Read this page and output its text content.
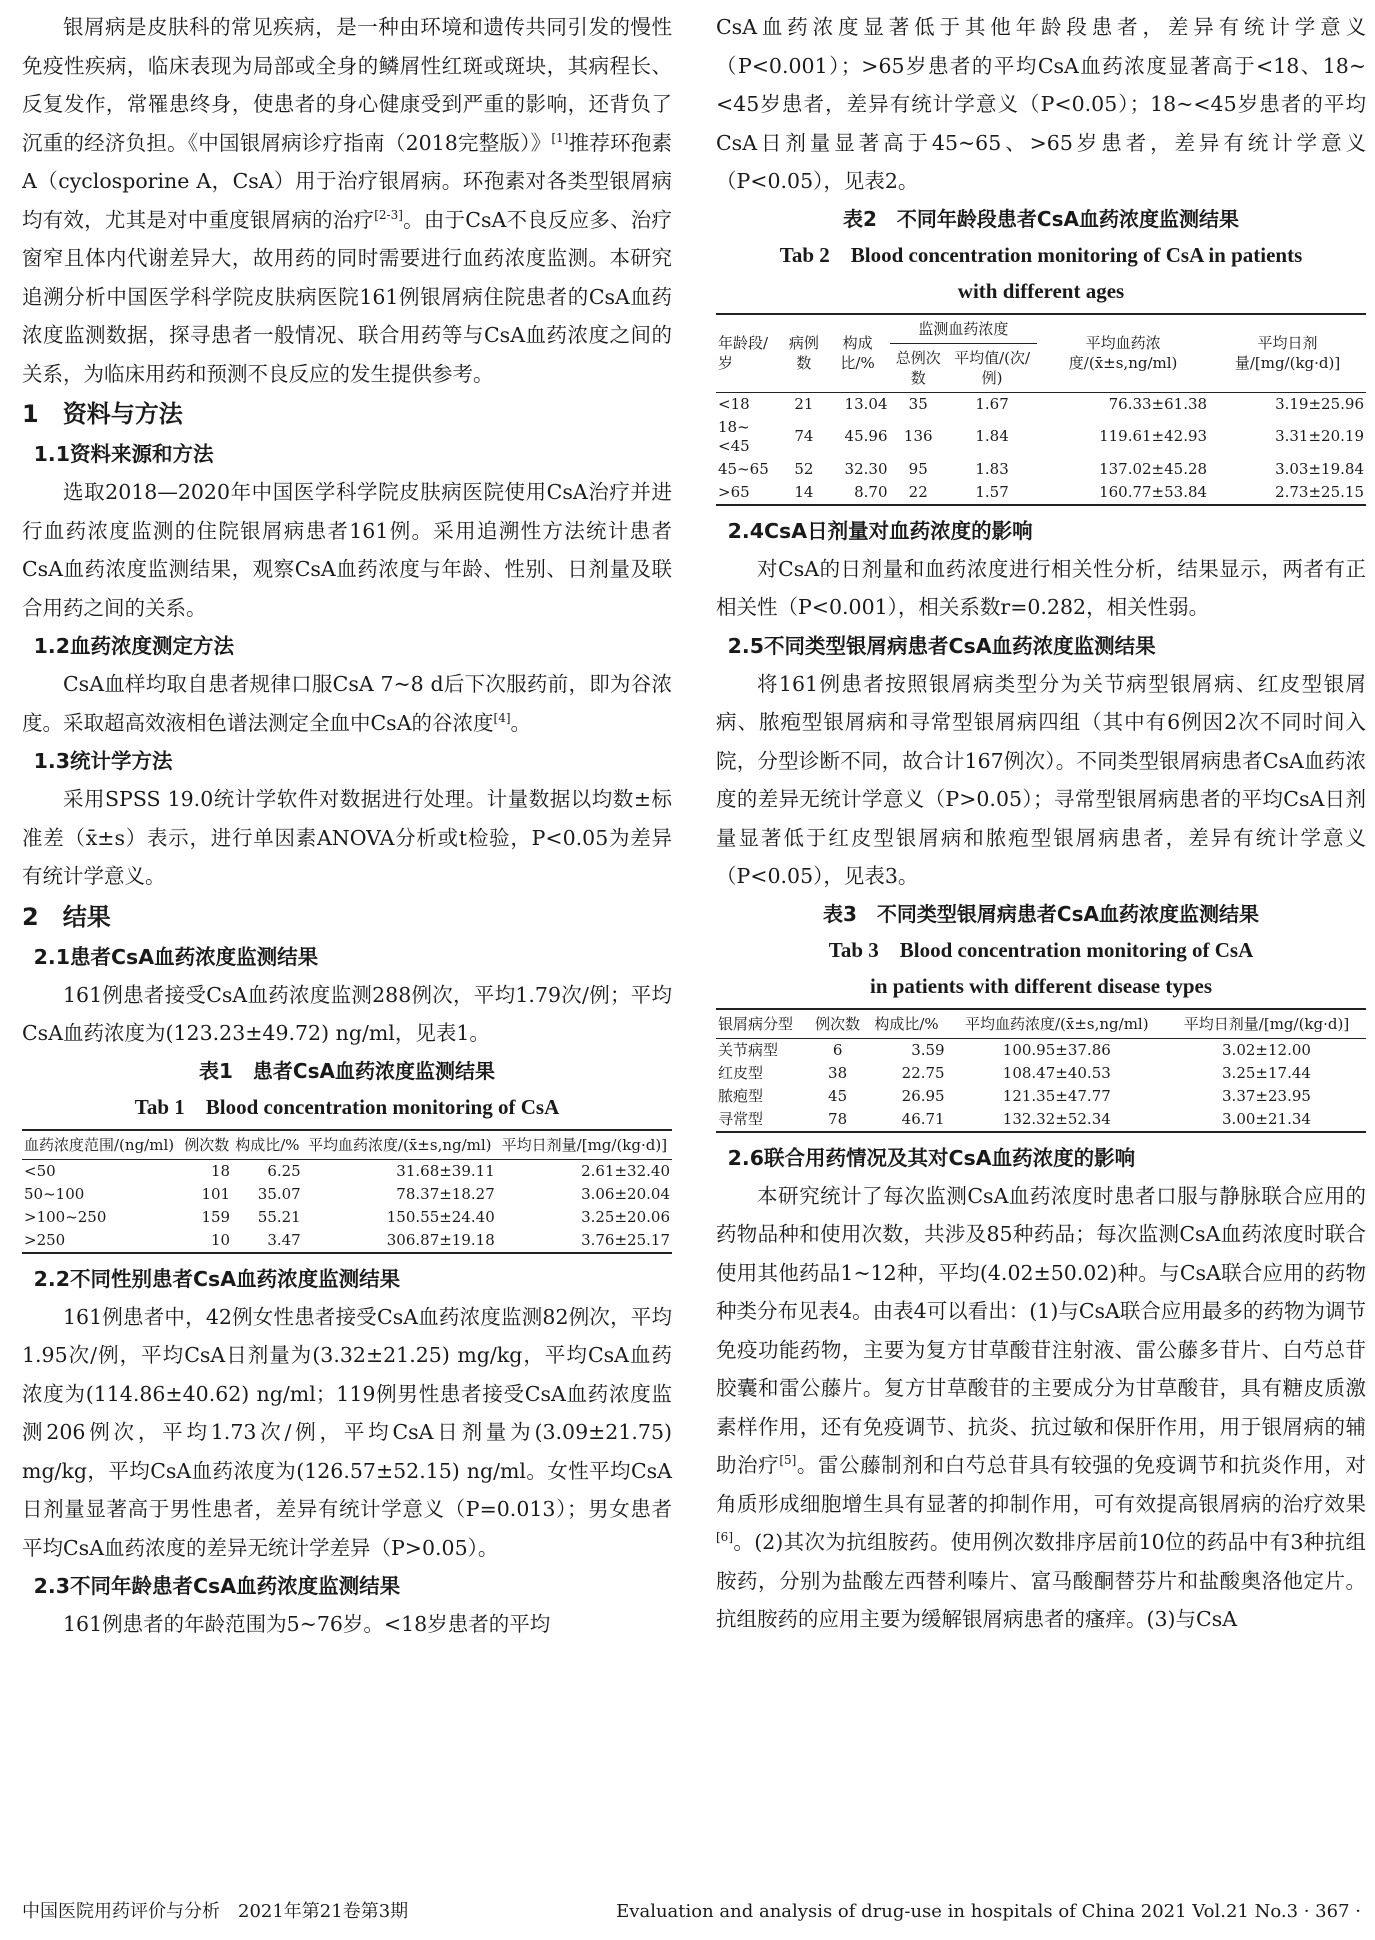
银屑病是皮肤科的常见疾病，是一种由环境和遗传共同引发的慢性免疫性疾病，临床表现为局部或全身的鳞屑性红斑或斑块，其病程长、反复发作，常罹患终身，使患者的身心健康受到严重的影响，还背负了沉重的经济负担。《中国银屑病诊疗指南（2018完整版）》[1]推荐环孢素A（cyclosporine A，CsA）用于治疗银屑病。环孢素对各类型银屑病均有效，尤其是对中重度银屑病的治疗[2-3]。由于CsA不良反应多、治疗窗窄且体内代谢差异大，故用药的同时需要进行血药浓度监测。本研究追溯分析中国医学科学院皮肤病医院161例银屑病住院患者的CsA血药浓度监测数据，探寻患者一般情况、联合用药等与CsA血药浓度之间的关系，为临床用药和预测不良反应的发生提供参考。

1　 资料与方法
1.1资料来源和方法

选取2018—2020年中国医学科学院皮肤病医院使用CsA治疗并进行血药浓度监测的住院银屑病患者161例。采用追溯性方法统计患者CsA血药浓度监测结果，观察CsA血药浓度与年龄、性别、日剂量及联合用药之间的关系。

1.2血药浓度测定方法

CsA血样均取自患者规律口服CsA 7~8 d后下次服药前，即为谷浓度。采取超高效液相色谱法测定全血中CsA的谷浓度[4]。

1.3统计学方法

采用SPSS 19.0统计学软件对数据进行处理。计量数据以均数±标准差（x̄±s）表示，进行单因素ANOVA分析或t检验，P<0.05为差异有统计学意义。

2　 结果
2.1患者CsA血药浓度监测结果

161例患者接受CsA血药浓度监测288例次，平均1.79次/例；平均CsA血药浓度为(123.23±49.72) ng/ml，见表1。

表1　患者CsA血药浓度监测结果

Tab 1　Blood concentration monitoring of CsA

血药浓度范围/(ng/ml)	例次数	构成比/%	平均血药浓度/(x̄±s,ng/ml)	平均日剂量/[mg/(kg·d)]
<50	18	6.25	31.68±39.11	2.61±32.40
50~100	101	35.07	78.37±18.27	3.06±20.04
>100~250	159	55.21	150.55±24.40	3.25±20.06
>250	10	3.47	306.87±19.18	3.76±25.17
2.2不同性别患者CsA血药浓度监测结果

161例患者中，42例女性患者接受CsA血药浓度监测82例次，平均1.95次/例，平均CsA日剂量为(3.32±21.25) mg/kg，平均CsA血药浓度为(114.86±40.62) ng/ml；119例男性患者接受CsA血药浓度监测206例次，平均1.73次/例，平均CsA日剂量为(3.09±21.75) mg/kg，平均CsA血药浓度为(126.57±52.15) ng/ml。女性平均CsA日剂量显著高于男性患者，差异有统计学意义（P=0.013）；男女患者平均CsA血药浓度的差异无统计学差异（P>0.05）。

2.3不同年龄患者CsA血药浓度监测结果

161例患者的年龄范围为5~76岁。<18岁患者的平均

CsA血药浓度显著低于其他年龄段患者，差异有统计学意义（P<0.001）；>65岁患者的平均CsA血药浓度显著高于<18、18~<45岁患者，差异有统计学意义（P<0.05）；18~<45岁患者的平均CsA日剂量显著高于45~65、>65岁患者，差异有统计学意义（P<0.05），见表2。

表2　不同年龄段患者CsA血药浓度监测结果

Tab 2　Blood concentration monitoring of CsA in patients

with different ages

年龄段/岁	病例数	构成比/%	监测血药浓度		平均血药浓度/(x̄±s,ng/ml)	平均日剂量/[mg/(kg·d)]
			总例次数	平均值/(次/例)		
<18	21	13.04	35	1.67	76.33±61.38	3.19±25.96
18~<45	74	45.96	136	1.84	119.61±42.93	3.31±20.19
45~65	52	32.30	95	1.83	137.02±45.28	3.03±19.84
>65	14	8.70	22	1.57	160.77±53.84	2.73±25.15
2.4CsA日剂量对血药浓度的影响

对CsA的日剂量和血药浓度进行相关性分析，结果显示，两者有正相关性（P<0.001），相关系数r=0.282，相关性弱。

2.5不同类型银屑病患者CsA血药浓度监测结果

将161例患者按照银屑病类型分为关节病型银屑病、红皮型银屑病、脓疱型银屑病和寻常型银屑病四组（其中有6例因2次不同时间入院，分型诊断不同，故合计167例次）。不同类型银屑病患者CsA血药浓度的差异无统计学意义（P>0.05）；寻常型银屑病患者的平均CsA日剂量显著低于红皮型银屑病和脓疱型银屑病患者，差异有统计学意义（P<0.05），见表3。

表3　不同类型银屑病患者CsA血药浓度监测结果

Tab 3　Blood concentration monitoring of CsA

in patients with different disease types

银屑病分型	例次数	构成比/%	平均血药浓度/(x̄±s,ng/ml)	平均日剂量/[mg/(kg·d)]
关节病型	6	3.59	100.95±37.86	3.02±12.00
红皮型	38	22.75	108.47±40.53	3.25±17.44
脓疱型	45	26.95	121.35±47.77	3.37±23.95
寻常型	78	46.71	132.32±52.34	3.00±21.34
2.6联合用药情况及其对CsA血药浓度的影响

本研究统计了每次监测CsA血药浓度时患者口服与静脉联合应用的药物品种和使用次数，共涉及85种药品；每次监测CsA血药浓度时联合使用其他药品1~12种，平均(4.02±50.02)种。与CsA联合应用的药物种类分布见表4。由表4可以看出：(1)与CsA联合应用最多的药物为调节免疫功能药物，主要为复方甘草酸苷注射液、雷公藤多苷片、白芍总苷胶囊和雷公藤片。复方甘草酸苷的主要成分为甘草酸苷，具有糖皮质激素样作用，还有免疫调节、抗炎、抗过敏和保肝作用，用于银屑病的辅助治疗[5]。雷公藤制剂和白芍总苷具有较强的免疫调节和抗炎作用，对角质形成细胞增生具有显著的抑制作用，可有效提高银屑病的治疗效果[6]。(2)其次为抗组胺药。使用例次数排序居前10位的药品中有3种抗组胺药，分别为盐酸左西替利嗪片、富马酸酮替芬片和盐酸奥洛他定片。抗组胺药的应用主要为缓解银屑病患者的瘙痒。(3)与CsA

中国医院用药评价与分析　2021年第21卷第3期	Evaluation and analysis of drug-use in hospitals of China 2021 Vol.21 No.3 · 367 ·
